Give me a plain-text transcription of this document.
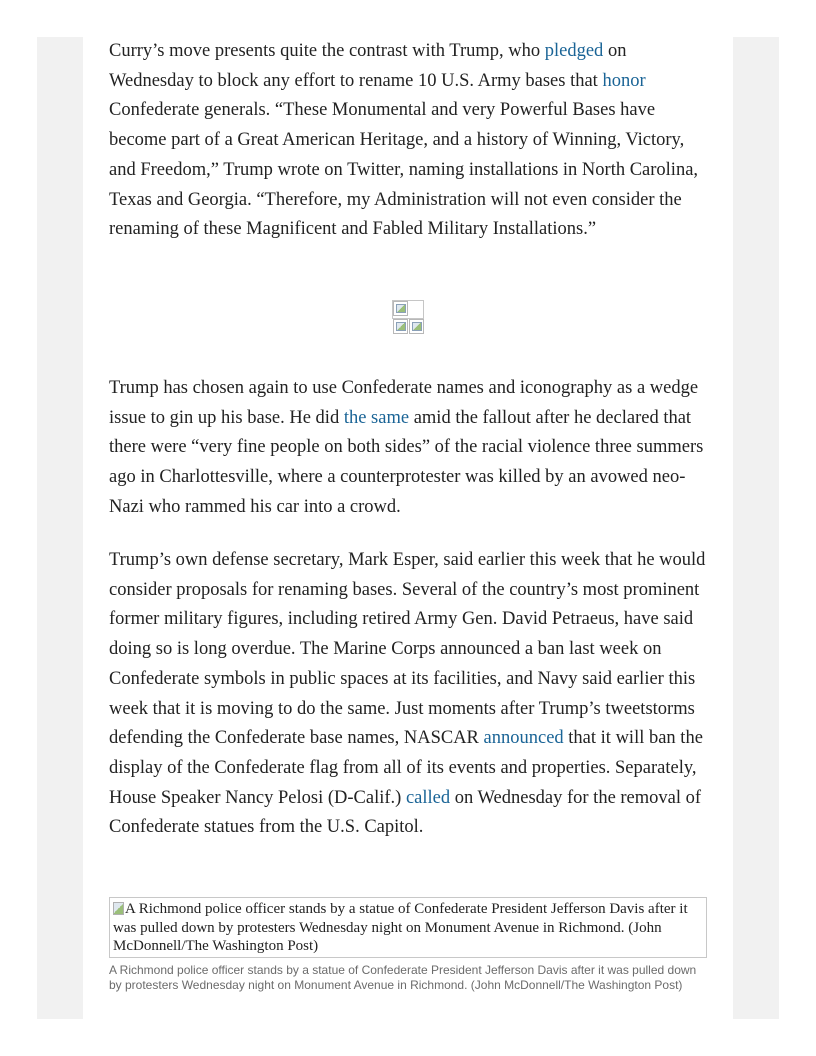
Curry’s move presents quite the contrast with Trump, who pledged on Wednesday to block any effort to rename 10 U.S. Army bases that honor Confederate generals. “These Monumental and very Powerful Bases have become part of a Great American Heritage, and a history of Winning, Victory, and Freedom,” Trump wrote on Twitter, naming installations in North Carolina, Texas and Georgia. “Therefore, my Administration will not even consider the renaming of these Magnificent and Fabled Military Installations.”

Trump has chosen again to use Confederate names and iconography as a wedge issue to gin up his base. He did the same amid the fallout after he declared that there were “very fine people on both sides” of the racial violence three summers ago in Charlottesville, where a counterprotester was killed by an avowed neo-Nazi who rammed his car into a crowd.

Trump’s own defense secretary, Mark Esper, said earlier this week that he would consider proposals for renaming bases. Several of the country’s most prominent former military figures, including retired Army Gen. David Petraeus, have said doing so is long overdue. The Marine Corps announced a ban last week on Confederate symbols in public spaces at its facilities, and Navy said earlier this week that it is moving to do the same. Just moments after Trump’s tweetstorms defending the Confederate base names, NASCAR announced that it will ban the display of the Confederate flag from all of its events and properties. Separately, House Speaker Nancy Pelosi (D-Calif.) called on Wednesday for the removal of Confederate statues from the U.S. Capitol.

A Richmond police officer stands by a statue of Confederate President Jefferson Davis after it was pulled down by protesters Wednesday night on Monument Avenue in Richmond. (John McDonnell/The Washington Post)
A Richmond police officer stands by a statue of Confederate President Jefferson Davis after it was pulled down by protesters Wednesday night on Monument Avenue in Richmond. (John McDonnell/The Washington Post)
